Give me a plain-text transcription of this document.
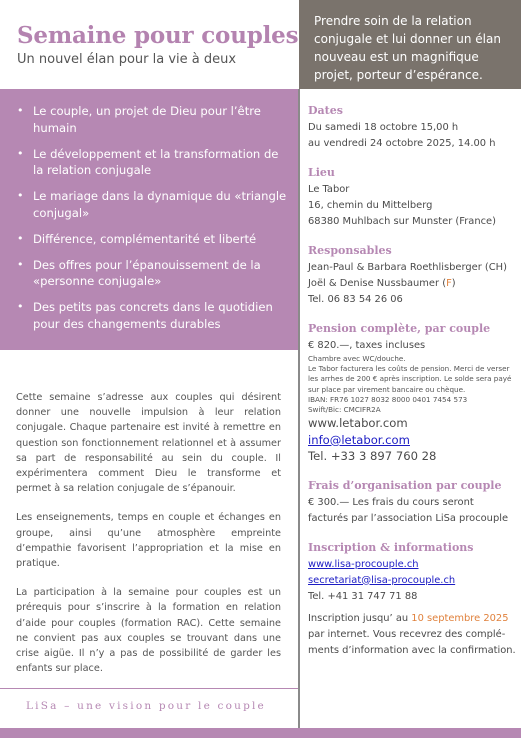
Semaine pour couples
Un nouvel élan pour la vie à deux
• Le couple, un projet de Dieu pour l’être humain
• Le développement et la transformation de la relation conjugale
• Le mariage dans la dynamique du «triangle conjugal»
• Différence, complémentarité et liberté
• Des offres pour l’épanouissement de la «personne conjugale»
• Des petits pas concrets dans le quotidien pour des changements durables

Cette semaine s’adresse aux couples qui désirent donner une nouvelle impulsion à leur relation conjugale. Chaque partenaire est invité à remettre en question son fonctionnement relationnel et à assumer sa part de responsabilité au sein du couple. Il expérimentera comment Dieu le transforme et permet à sa relation conjugale de s’épanouir.

Les enseignements, temps en couple et échanges en groupe, ainsi qu’une atmosphère empreinte d’empathie favorisent l’appropriation et la mise en pratique.

La participation à la semaine pour couples est un prérequis pour s’inscrire à la formation en relation d’aide pour couples (formation RAC). Cette semaine ne convient pas aux couples se trouvant dans une crise aigüe. Il n’y a pas de possibilité de garder les enfants sur place.

LiSa – une vision pour le couple
Prendre soin de la relation conjugale et lui donner un élan nouveau est un magnifique projet, porteur d’espérance.
Dates
Du samedi 18 octobre 15,00 h
au vendredi 24 octobre 2025, 14.00 h
Lieu
Le Tabor
16, chemin du Mittelberg
68380 Muhlbach sur Munster (France)
Responsables
Jean-Paul & Barbara Roethlisberger (CH)
Joël & Denise Nussbaumer (F)
Tel. 06 83 54 26 06
Pension complète, par couple
€ 820.—, taxes incluses
Chambre avec WC/douche.
Le Tabor facturera les coûts de pension. Merci de verser les arrhes de 200 € après inscription. Le solde sera payé sur place par virement bancaire ou chèque.
IBAN: FR76 1027 8032 8000 0401 7454 573
Swift/Bic: CMCIFR2A
www.letabor.com
info@letabor.com
Tel. +33 3 897 760 28
Frais d’organisation par couple
€ 300.— Les frais du cours seront facturés par l’association LiSa procouple
Inscription & informations
www.lisa-procouple.ch
secretariat@lisa-procouple.ch
Tel. +41 31 747 71 88
Inscription jusqu’ au 10 septembre 2025 par internet. Vous recevrez des compléments d’information avec la confirmation.
